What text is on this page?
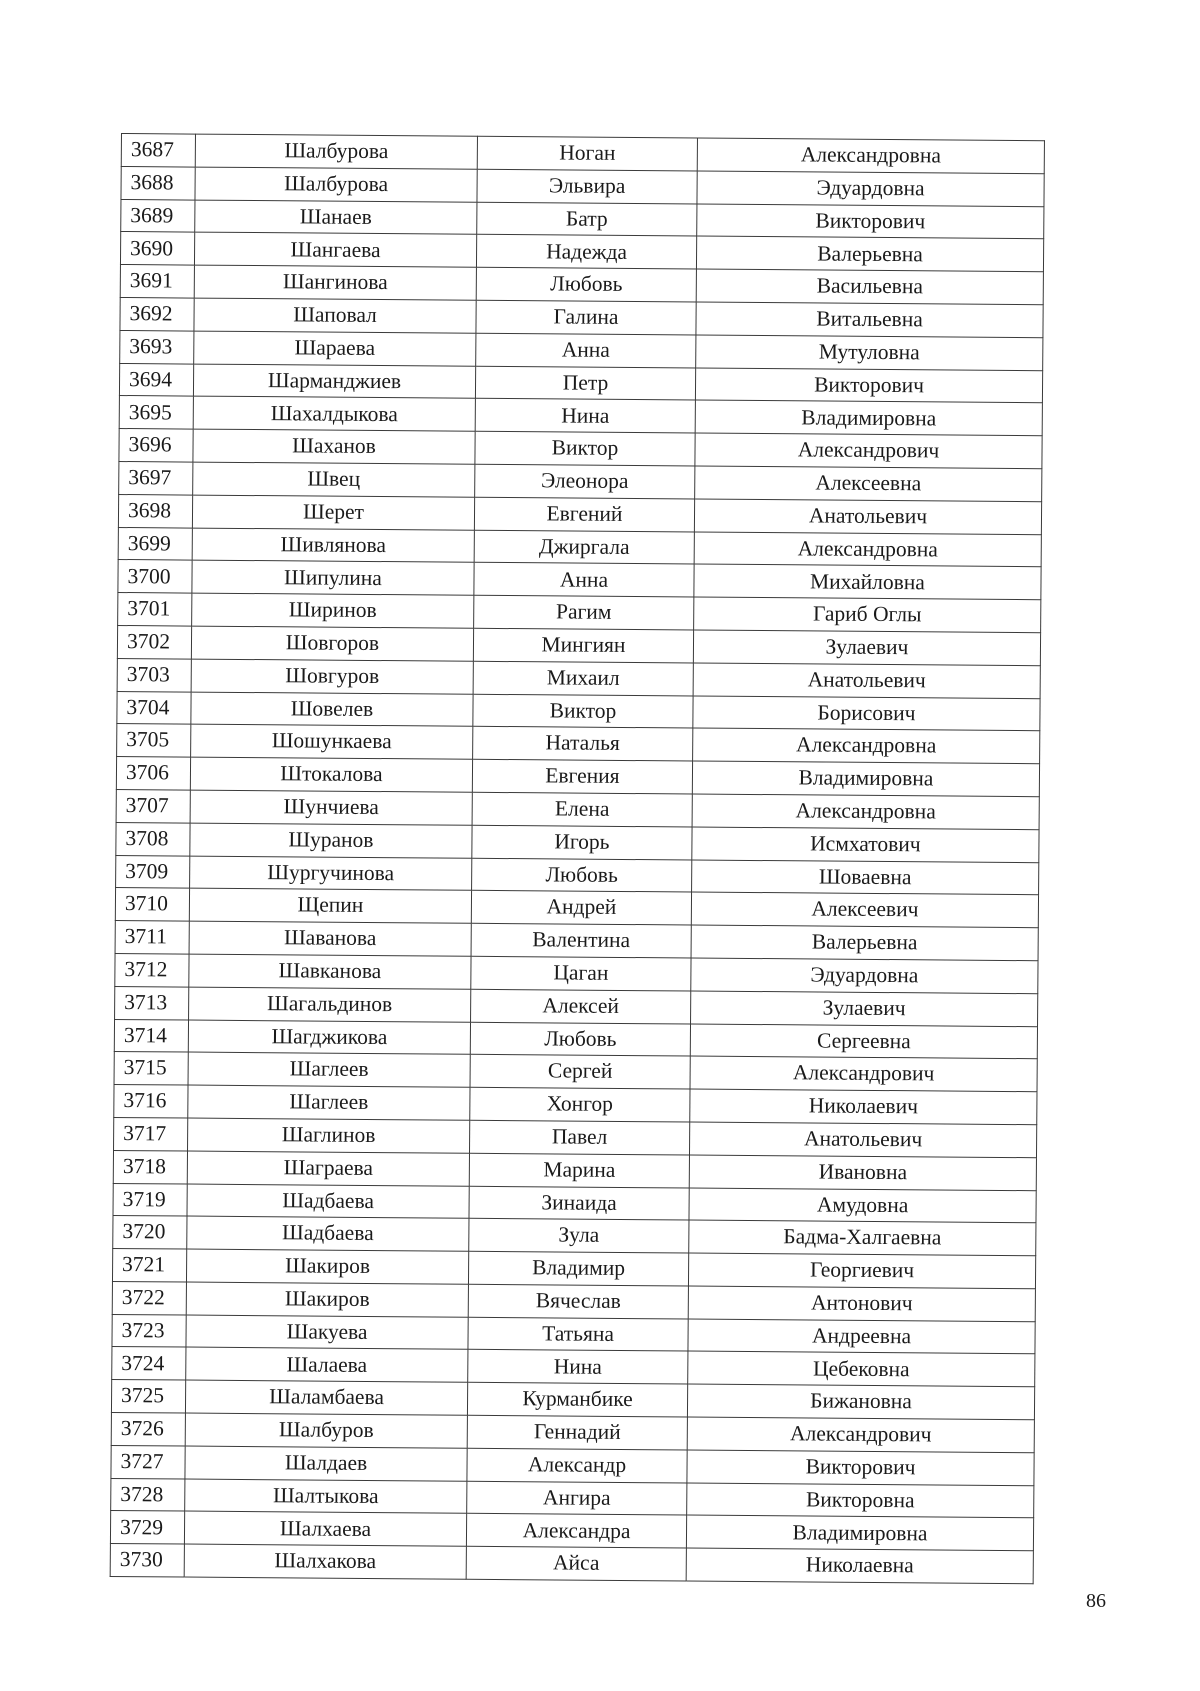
3687	Шалбурова	Ноган	Александровна
3688	Шалбурова	Эльвира	Эдуардовна
3689	Шанаев	Батр	Викторович
3690	Шангаева	Надежда	Валерьевна
3691	Шангинова	Любовь	Васильевна
3692	Шаповал	Галина	Витальевна
3693	Шараева	Анна	Мутуловна
3694	Шарманджиев	Петр	Викторович
3695	Шахалдыкова	Нина	Владимировна
3696	Шаханов	Виктор	Александрович
3697	Швец	Элеонора	Алексеевна
3698	Шерет	Евгений	Анатольевич
3699	Шивлянова	Джиргала	Александровна
3700	Шипулина	Анна	Михайловна
3701	Ширинов	Рагим	Гариб Оглы
3702	Шовгоров	Мингиян	Зулаевич
3703	Шовгуров	Михаил	Анатольевич
3704	Шовелев	Виктор	Борисович
3705	Шошункаева	Наталья	Александровна
3706	Штокалова	Евгения	Владимировна
3707	Шунчиева	Елена	Александровна
3708	Шуранов	Игорь	Исмхатович
3709	Шургучинова	Любовь	Шоваевна
3710	Щепин	Андрей	Алексеевич
3711	Шаванова	Валентина	Валерьевна
3712	Шавканова	Цаган	Эдуардовна
3713	Шагальдинов	Алексей	Зулаевич
3714	Шагджикова	Любовь	Сергеевна
3715	Шаглеев	Сергей	Александрович
3716	Шаглеев	Хонгор	Николаевич
3717	Шаглинов	Павел	Анатольевич
3718	Шаграева	Марина	Ивановна
3719	Шадбаева	Зинаида	Амудовна
3720	Шадбаева	Зула	Бадма-Халгаевна
3721	Шакиров	Владимир	Георгиевич
3722	Шакиров	Вячеслав	Антонович
3723	Шакуева	Татьяна	Андреевна
3724	Шалаева	Нина	Цебековна
3725	Шаламбаева	Курманбике	Бижановна
3726	Шалбуров	Геннадий	Александрович
3727	Шалдаев	Александр	Викторович
3728	Шалтыкова	Ангира	Викторовна
3729	Шалхаева	Александра	Владимировна
3730	Шалхакова	Айса	Николаевна
86
